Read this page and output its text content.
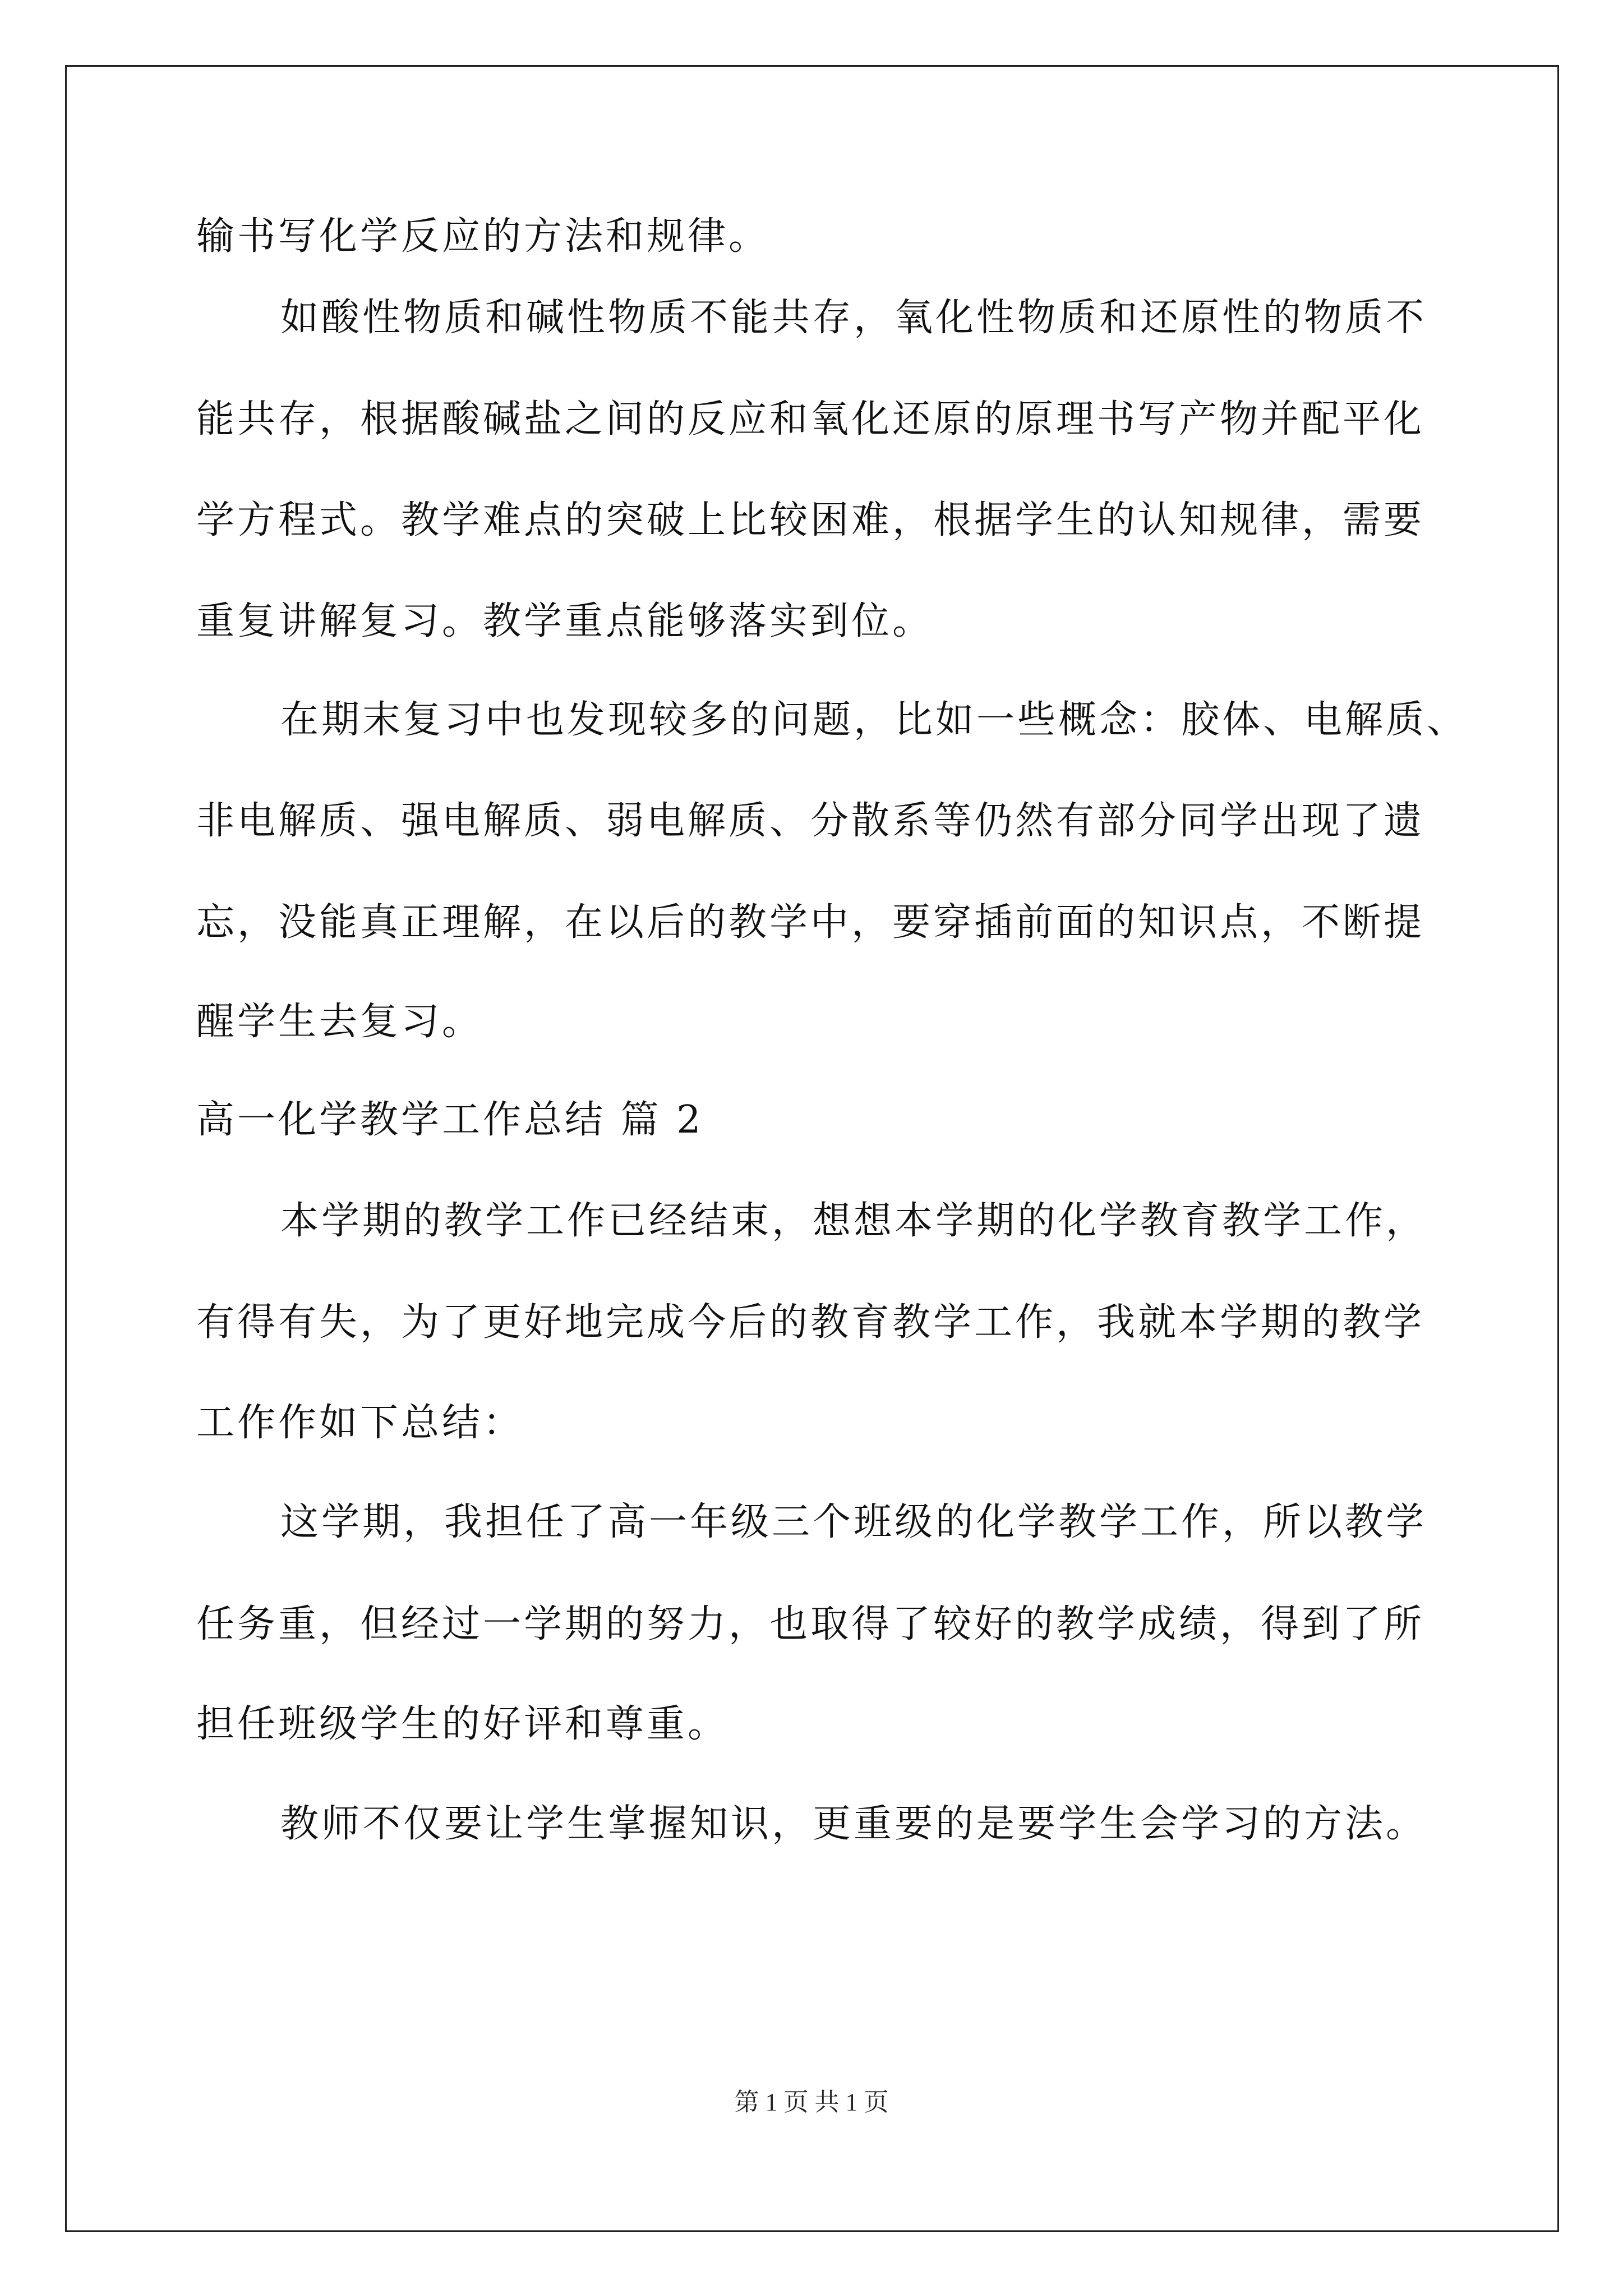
输书写化学反应的方法和规律。
如酸性物质和碱性物质不能共存，氧化性物质和还原性的物质不
能共存，根据酸碱盐之间的反应和氧化还原的原理书写产物并配平化
学方程式。教学难点的突破上比较困难，根据学生的认知规律，需要
重复讲解复习。教学重点能够落实到位。
在期末复习中也发现较多的问题，比如一些概念：胶体、电解质、
非电解质、强电解质、弱电解质、分散系等仍然有部分同学出现了遗
忘，没能真正理解，在以后的教学中，要穿插前面的知识点，不断提
醒学生去复习。
高一化学教学工作总结 篇 2
本学期的教学工作已经结束，想想本学期的化学教育教学工作，
有得有失，为了更好地完成今后的教育教学工作，我就本学期的教学
工作作如下总结：
这学期，我担任了高一年级三个班级的化学教学工作，所以教学
任务重，但经过一学期的努力，也取得了较好的教学成绩，得到了所
担任班级学生的好评和尊重。
教师不仅要让学生掌握知识，更重要的是要学生会学习的方法。
第 1 页 共 1 页
